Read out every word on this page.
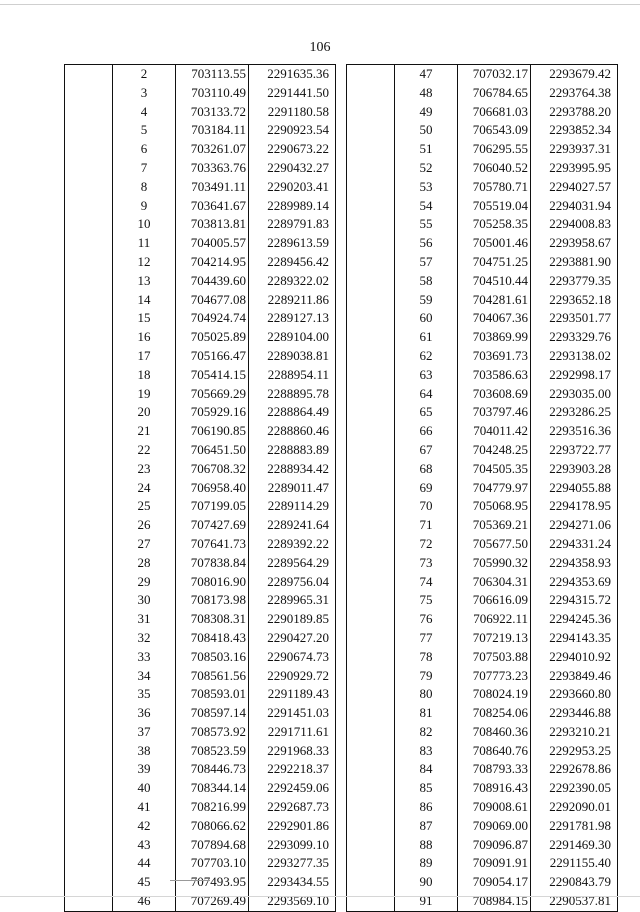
106
	2	703113.55	2291635.36
	3	703110.49	2291441.50
	4	703133.72	2291180.58
	5	703184.11	2290923.54
	6	703261.07	2290673.22
	7	703363.76	2290432.27
	8	703491.11	2290203.41
	9	703641.67	2289989.14
	10	703813.81	2289791.83
	11	704005.57	2289613.59
	12	704214.95	2289456.42
	13	704439.60	2289322.02
	14	704677.08	2289211.86
	15	704924.74	2289127.13
	16	705025.89	2289104.00
	17	705166.47	2289038.81
	18	705414.15	2288954.11
	19	705669.29	2288895.78
	20	705929.16	2288864.49
	21	706190.85	2288860.46
	22	706451.50	2288883.89
	23	706708.32	2288934.42
	24	706958.40	2289011.47
	25	707199.05	2289114.29
	26	707427.69	2289241.64
	27	707641.73	2289392.22
	28	707838.84	2289564.29
	29	708016.90	2289756.04
	30	708173.98	2289965.31
	31	708308.31	2290189.85
	32	708418.43	2290427.20
	33	708503.16	2290674.73
	34	708561.56	2290929.72
	35	708593.01	2291189.43
	36	708597.14	2291451.03
	37	708573.92	2291711.61
	38	708523.59	2291968.33
	39	708446.73	2292218.37
	40	708344.14	2292459.06
	41	708216.99	2292687.73
	42	708066.62	2292901.86
	43	707894.68	2293099.10
	44	707703.10	2293277.35
	45	707493.95	2293434.55
	46	707269.49	2293569.10
	47	707032.17	2293679.42
	48	706784.65	2293764.38
	49	706681.03	2293788.20
	50	706543.09	2293852.34
	51	706295.55	2293937.31
	52	706040.52	2293995.95
	53	705780.71	2294027.57
	54	705519.04	2294031.94
	55	705258.35	2294008.83
	56	705001.46	2293958.67
	57	704751.25	2293881.90
	58	704510.44	2293779.35
	59	704281.61	2293652.18
	60	704067.36	2293501.77
	61	703869.99	2293329.76
	62	703691.73	2293138.02
	63	703586.63	2292998.17
	64	703608.69	2293035.00
	65	703797.46	2293286.25
	66	704011.42	2293516.36
	67	704248.25	2293722.77
	68	704505.35	2293903.28
	69	704779.97	2294055.88
	70	705068.95	2294178.95
	71	705369.21	2294271.06
	72	705677.50	2294331.24
	73	705990.32	2294358.93
	74	706304.31	2294353.69
	75	706616.09	2294315.72
	76	706922.11	2294245.36
	77	707219.13	2294143.35
	78	707503.88	2294010.92
	79	707773.23	2293849.46
	80	708024.19	2293660.80
	81	708254.06	2293446.88
	82	708460.36	2293210.21
	83	708640.76	2292953.25
	84	708793.33	2292678.86
	85	708916.43	2292390.05
	86	709008.61	2292090.01
	87	709069.00	2291781.98
	88	709096.87	2291469.30
	89	709091.91	2291155.40
	90	709054.17	2290843.79
	91	708984.15	2290537.81
